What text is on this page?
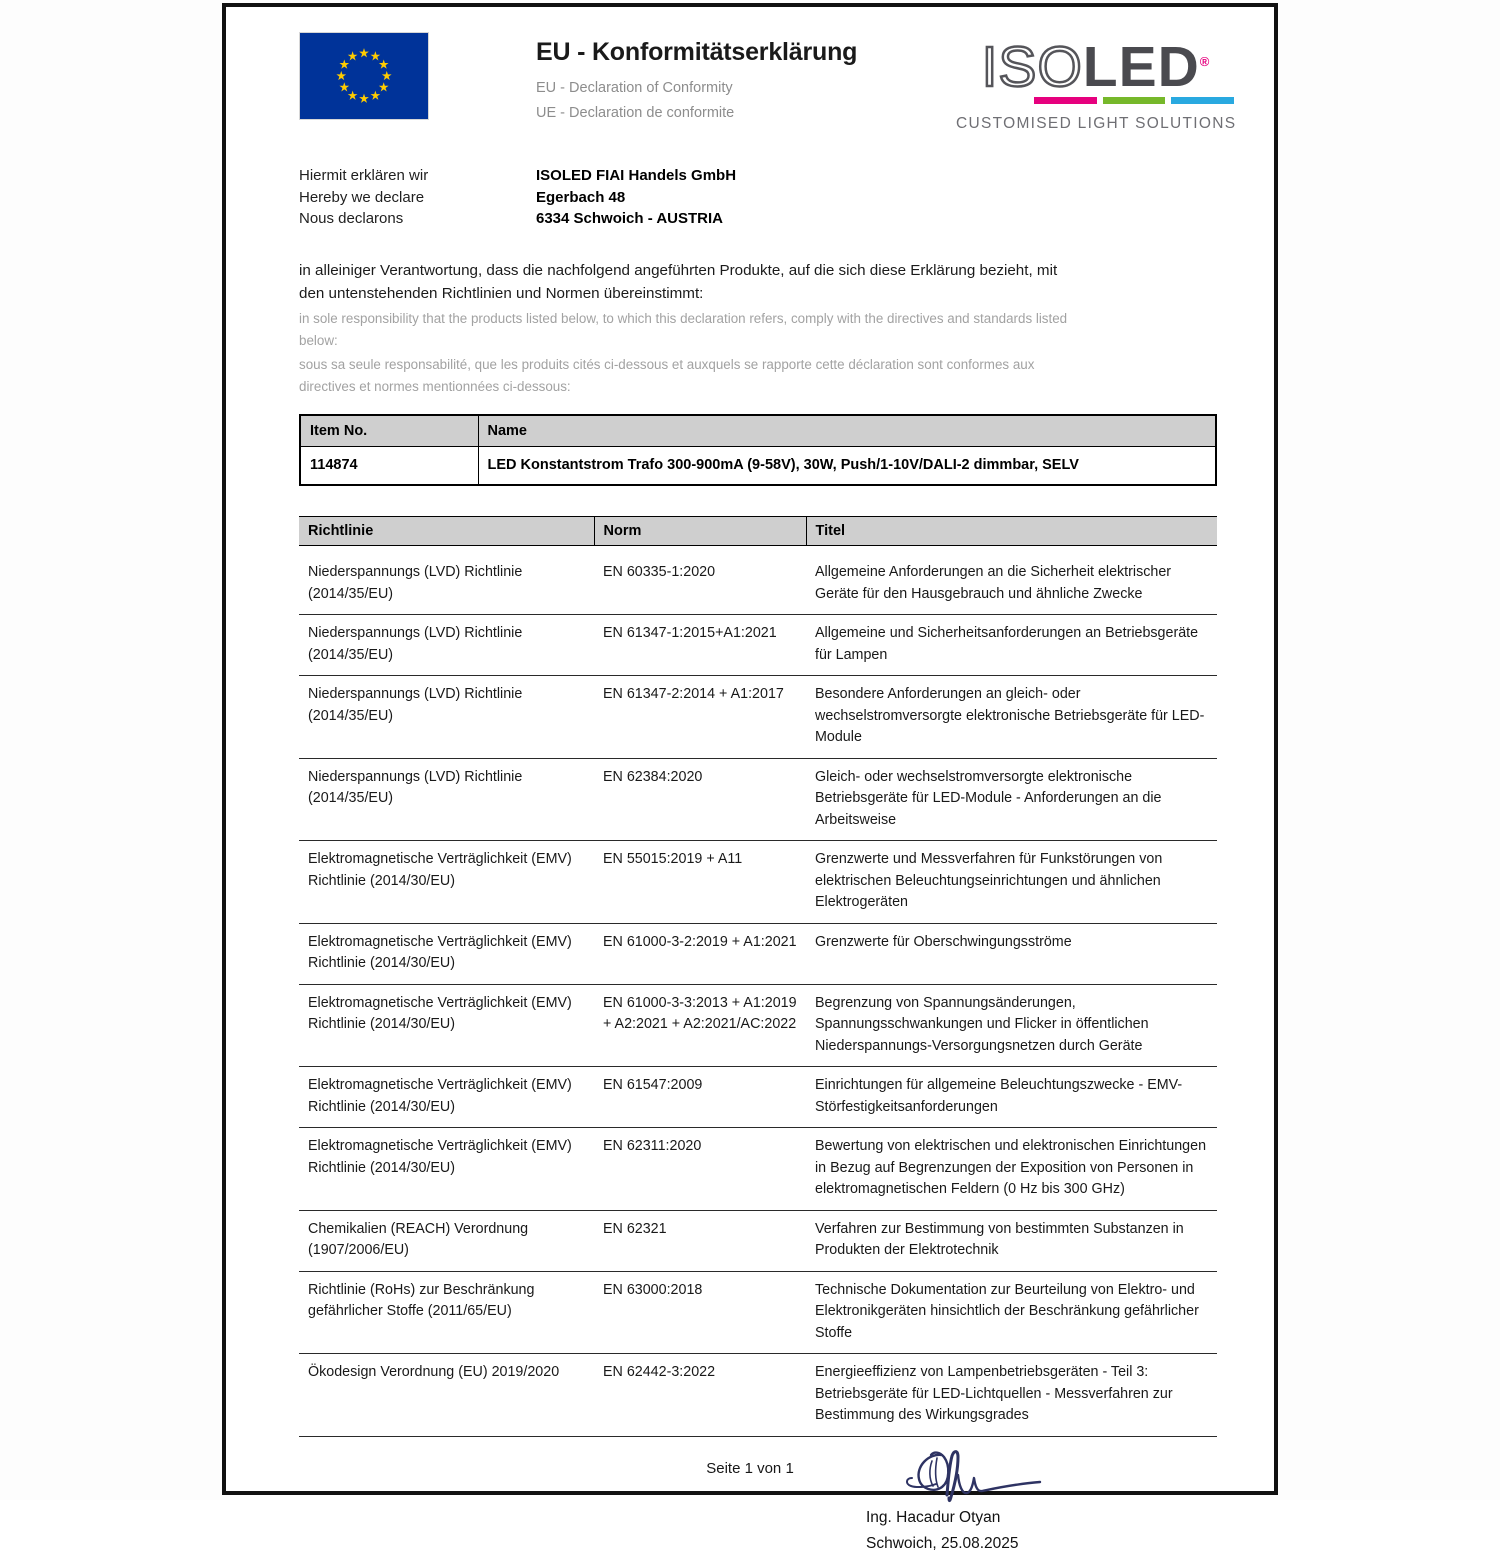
EU - Konformitätserklärung
EU - Declaration of Conformity
UE - Declaration de conformite
ISOLED®
CUSTOMISED LIGHT SOLUTIONS
Hiermit erklären wir
Hereby we declare
Nous declarons
ISOLED FIAI Handels GmbH
Egerbach 48
6334 Schwoich - AUSTRIA
in alleiniger Verantwortung, dass die nachfolgend angeführten Produkte, auf die sich diese Erklärung bezieht, mit den untenstehenden Richtlinien und Normen übereinstimmt:
in sole responsibility that the products listed below, to which this declaration refers, comply with the directives and standards listed below:
sous sa seule responsabilité, que les produits cités ci-dessous et auxquels se rapporte cette déclaration sont conformes aux directives et normes mentionnées ci-dessous:
Item No.	Name
114874	LED Konstantstrom Trafo 300-900mA (9-58V), 30W, Push/1-10V/DALI-2 dimmbar, SELV
Richtlinie	Norm	Titel
Niederspannungs (LVD) Richtlinie (2014/35/EU)	EN 60335-1:2020	Allgemeine Anforderungen an die Sicherheit elektrischer Geräte für den Hausgebrauch und ähnliche Zwecke
Niederspannungs (LVD) Richtlinie (2014/35/EU)	EN 61347-1:2015+A1:2021	Allgemeine und Sicherheitsanforderungen an Betriebsgeräte für Lampen
Niederspannungs (LVD) Richtlinie (2014/35/EU)	EN 61347-2:2014 + A1:2017	Besondere Anforderungen an gleich- oder wechselstromversorgte elektronische Betriebsgeräte für LED-Module
Niederspannungs (LVD) Richtlinie (2014/35/EU)	EN 62384:2020	Gleich- oder wechselstromversorgte elektronische Betriebsgeräte für LED-Module - Anforderungen an die Arbeitsweise
Elektromagnetische Verträglichkeit (EMV) Richtlinie (2014/30/EU)	EN 55015:2019 + A11	Grenzwerte und Messverfahren für Funkstörungen von elektrischen Beleuchtungseinrichtungen und ähnlichen Elektrogeräten
Elektromagnetische Verträglichkeit (EMV) Richtlinie (2014/30/EU)	EN 61000-3-2:2019 + A1:2021	Grenzwerte für Oberschwingungsströme
Elektromagnetische Verträglichkeit (EMV) Richtlinie (2014/30/EU)	EN 61000-3-3:2013 + A1:2019 + A2:2021 + A2:2021/AC:2022	Begrenzung von Spannungsänderungen, Spannungsschwankungen und Flicker in öffentlichen Niederspannungs-Versorgungsnetzen durch Geräte
Elektromagnetische Verträglichkeit (EMV) Richtlinie (2014/30/EU)	EN 61547:2009	Einrichtungen für allgemeine Beleuchtungszwecke - EMV-Störfestigkeitsanforderungen
Elektromagnetische Verträglichkeit (EMV) Richtlinie (2014/30/EU)	EN 62311:2020	Bewertung von elektrischen und elektronischen Einrichtungen in Bezug auf Begrenzungen der Exposition von Personen in elektromagnetischen Feldern (0 Hz bis 300 GHz)
Chemikalien (REACH) Verordnung (1907/2006/EU)	EN 62321	Verfahren zur Bestimmung von bestimmten Substanzen in Produkten der Elektrotechnik
Richtlinie (RoHs) zur Beschränkung gefährlicher Stoffe (2011/65/EU)	EN 63000:2018	Technische Dokumentation zur Beurteilung von Elektro- und Elektronikgeräten hinsichtlich der Beschränkung gefährlicher Stoffe
Ökodesign Verordnung (EU) 2019/2020	EN 62442-3:2022	Energieeffizienz von Lampenbetriebsgeräten - Teil 3: Betriebsgeräte für LED-Lichtquellen - Messverfahren zur Bestimmung des Wirkungsgrades
Ing. Hacadur Otyan
Schwoich, 25.08.2025
Seite 1 von 1
